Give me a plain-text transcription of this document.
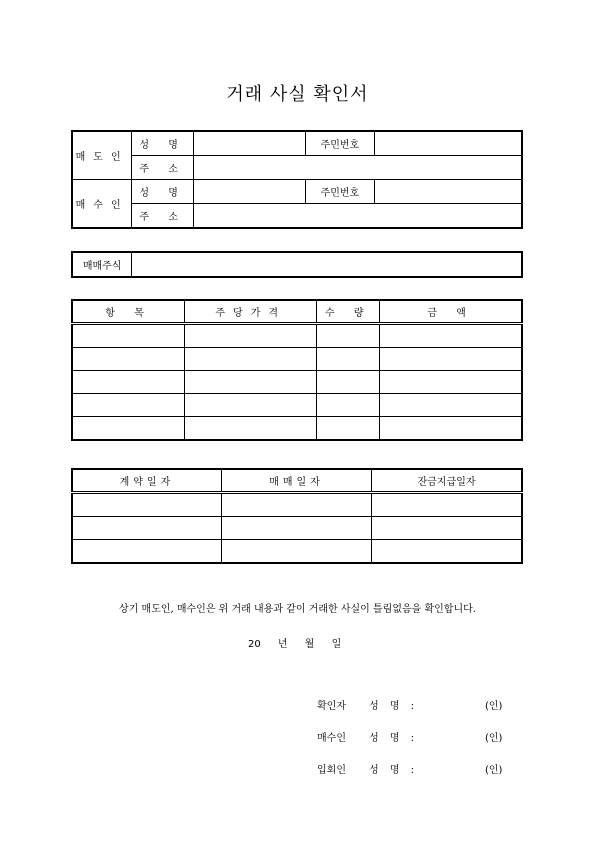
거래 사실 확인서
매도인	성 명		주민번호	
	주 소			
매수인	성 명		주민번호	
	주 소			
매매주식	
항 목	주당가격	수 량	금 액

계약일자	매매일자	잔금지급일자

상기 매도인, 매수인은 위 거래 내용과 같이 거래한 사실이 틀림없음을 확인합니다.
20 년 월 일
확인자 성 명 :	(인)
매수인 성 명 :	(인)
입회인 성 명 :	(인)
